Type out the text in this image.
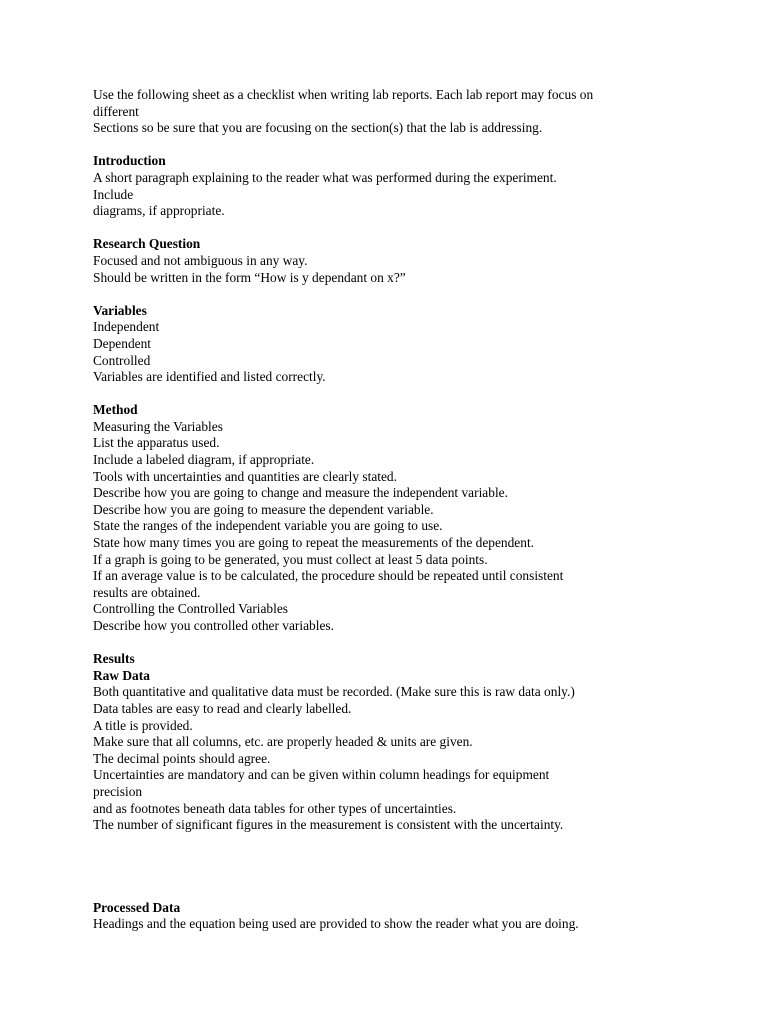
Use the following sheet as a checklist when writing lab reports. Each lab report may focus on
different
Sections so be sure that you are focusing on the section(s) that the lab is addressing.
Introduction
A short paragraph explaining to the reader what was performed during the experiment.
Include
diagrams, if appropriate.
Research Question
Focused and not ambiguous in any way.
Should be written in the form “How is y dependant on x?”
Variables
Independent
Dependent
Controlled
Variables are identified and listed correctly.
Method
Measuring the Variables
List the apparatus used.
Include a labeled diagram, if appropriate.
Tools with uncertainties and quantities are clearly stated.
Describe how you are going to change and measure the independent variable.
Describe how you are going to measure the dependent variable.
State the ranges of the independent variable you are going to use.
State how many times you are going to repeat the measurements of the dependent.
If a graph is going to be generated, you must collect at least 5 data points.
If an average value is to be calculated, the procedure should be repeated until consistent
results are obtained.
Controlling the Controlled Variables
Describe how you controlled other variables.
Results
Raw Data
Both quantitative and qualitative data must be recorded. (Make sure this is raw data only.)
Data tables are easy to read and clearly labelled.
A title is provided.
Make sure that all columns, etc. are properly headed & units are given.
The decimal points should agree.
Uncertainties are mandatory and can be given within column headings for equipment
precision
and as footnotes beneath data tables for other types of uncertainties.
The number of significant figures in the measurement is consistent with the uncertainty.
Processed Data
Headings and the equation being used are provided to show the reader what you are doing.
